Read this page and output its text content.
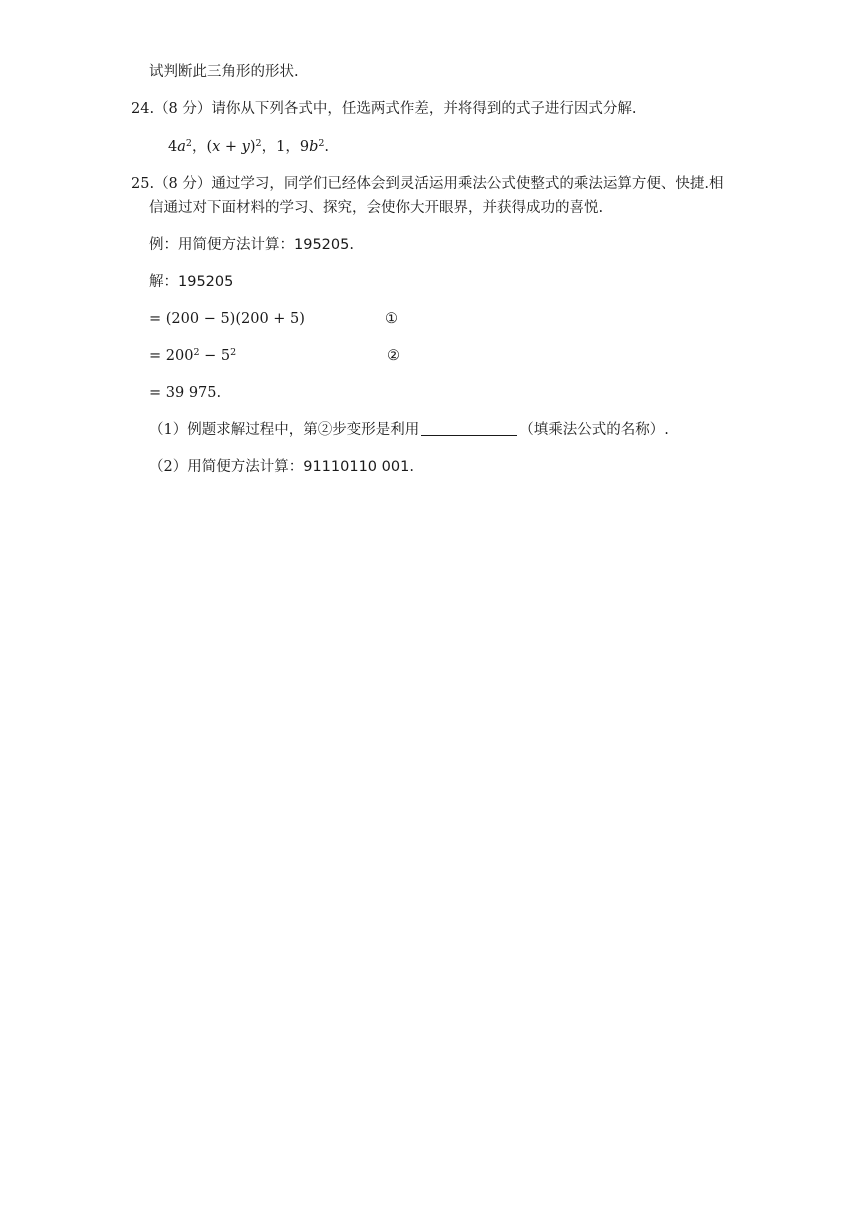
试判断此三角形的形状.
24.（8 分）请你从下列各式中，任选两式作差，并将得到的式子进行因式分解.
$4a^2$，$(x + y)^2$，1，$9b^2$.
25.（8 分）通过学习，同学们已经体会到灵活运用乘法公式使整式的乘法运算方便、快捷.相
信通过对下面材料的学习、探究，会使你大开眼界，并获得成功的喜悦.
例：用简便方法计算：195205.
解：195205
= (200 − 5)(200 + 5)	①
= $200^2 - 5^2$	②
= 39 975.
（1）例题求解过程中，第②步变形是利用	（填乘法公式的名称）.
（2）用简便方法计算：91110110 001.
